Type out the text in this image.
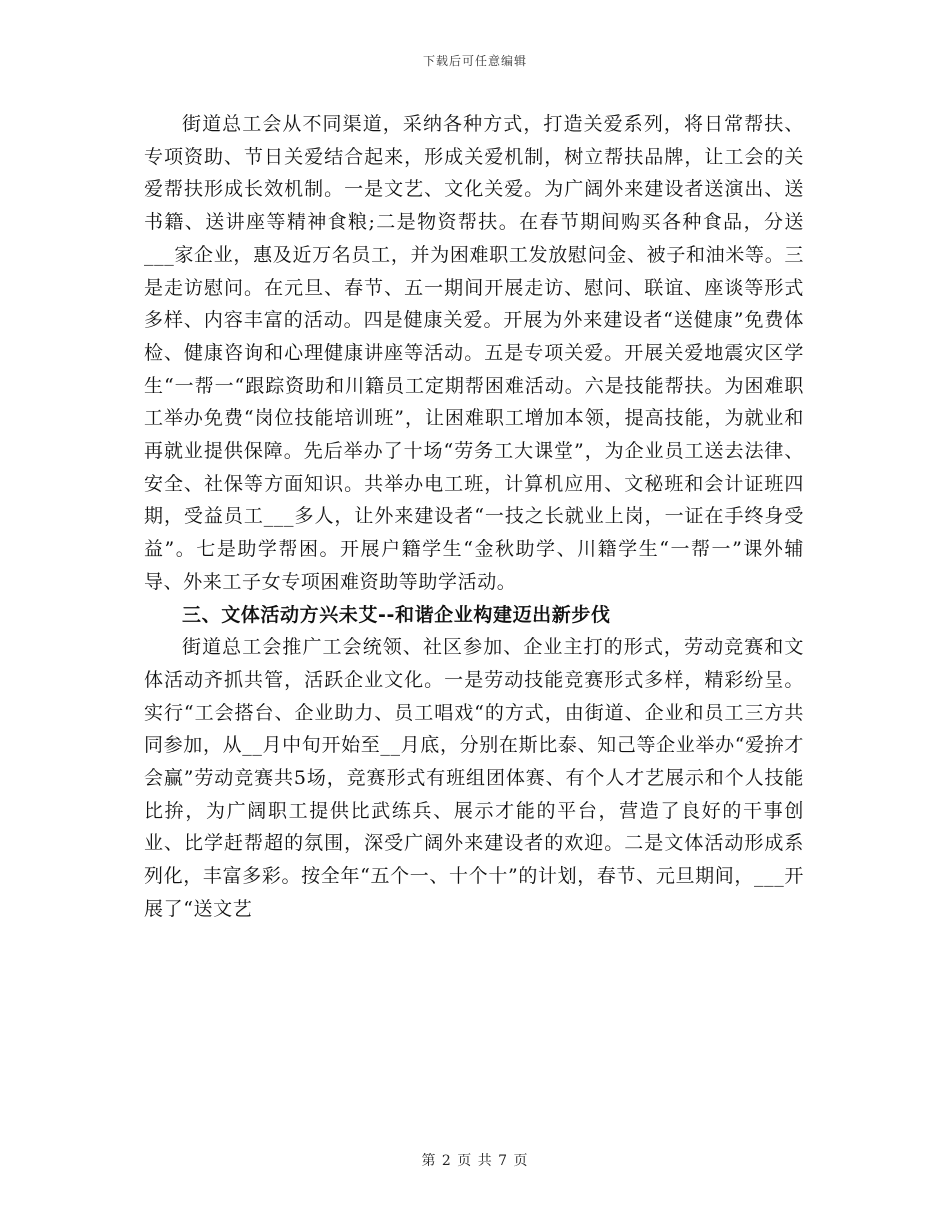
下载后可任意编辑

街道总工会从不同渠道，采纳各种方式，打造关爱系列，将日常帮扶、专项资助、节日关爱结合起来，形成关爱机制，树立帮扶品牌，让工会的关爱帮扶形成长效机制。一是文艺、文化关爱。为广阔外来建设者送演出、送书籍、送讲座等精神食粮;二是物资帮扶。在春节期间购买各种食品，分送___家企业，惠及近万名员工，并为困难职工发放慰问金、被子和油米等。三是走访慰问。在元旦、春节、五一期间开展走访、慰问、联谊、座谈等形式多样、内容丰富的活动。四是健康关爱。开展为外来建设者“送健康”免费体检、健康咨询和心理健康讲座等活动。五是专项关爱。开展关爱地震灾区学生“一帮一“跟踪资助和川籍员工定期帮困难活动。六是技能帮扶。为困难职工举办免费“岗位技能培训班”，让困难职工增加本领，提高技能，为就业和再就业提供保障。先后举办了十场“劳务工大课堂”，为企业员工送去法律、安全、社保等方面知识。共举办电工班，计算机应用、文秘班和会计证班四期，受益员工___多人，让外来建设者“一技之长就业上岗，一证在手终身受益”。七是助学帮困。开展户籍学生“金秋助学、川籍学生“一帮一”课外辅导、外来工子女专项困难资助等助学活动。

三、文体活动方兴未艾--和谐企业构建迈出新步伐

街道总工会推广工会统领、社区参加、企业主打的形式，劳动竞赛和文体活动齐抓共管，活跃企业文化。一是劳动技能竞赛形式多样，精彩纷呈。实行“工会搭台、企业助力、员工唱戏“的方式，由街道、企业和员工三方共同参加，从__月中旬开始至__月底，分别在斯比泰、知己等企业举办“爱拚才会赢”劳动竞赛共5场，竞赛形式有班组团体赛、有个人才艺展示和个人技能比拚，为广阔职工提供比武练兵、展示才能的平台，营造了良好的干事创业、比学赶帮超的氛围，深受广阔外来建设者的欢迎。二是文体活动形成系列化，丰富多彩。按全年“五个一、十个十”的计划，春节、元旦期间，___开展了“送文艺

第 2 页 共 7 页
